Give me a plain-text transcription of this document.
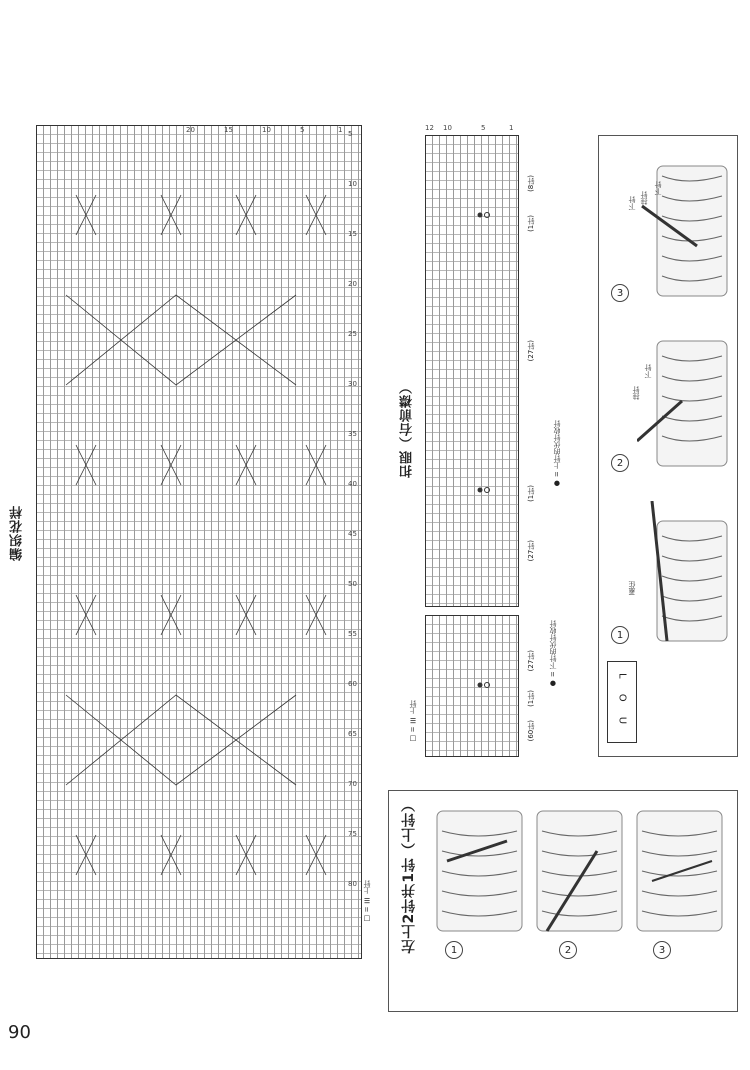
5
10
15
20
25
30
35
40
45
50
55
60
65
70
75
80
20	15	10	5	1
□ = ☰ 上针
编织花样
12 10	5	1
(8针)
(1针)
(27针)
(1针)
(27针)
(27针)
(1针)
(60针)
扣眼（右前襟）
● = 下针的伏针收针
● = 上针的伏针收针
□ = ☰ 上针	L O U
1
2
3
下针 挂针
下针
挂针
下针
蓋住
左上2针并1针（上针）	1	2	3
90
